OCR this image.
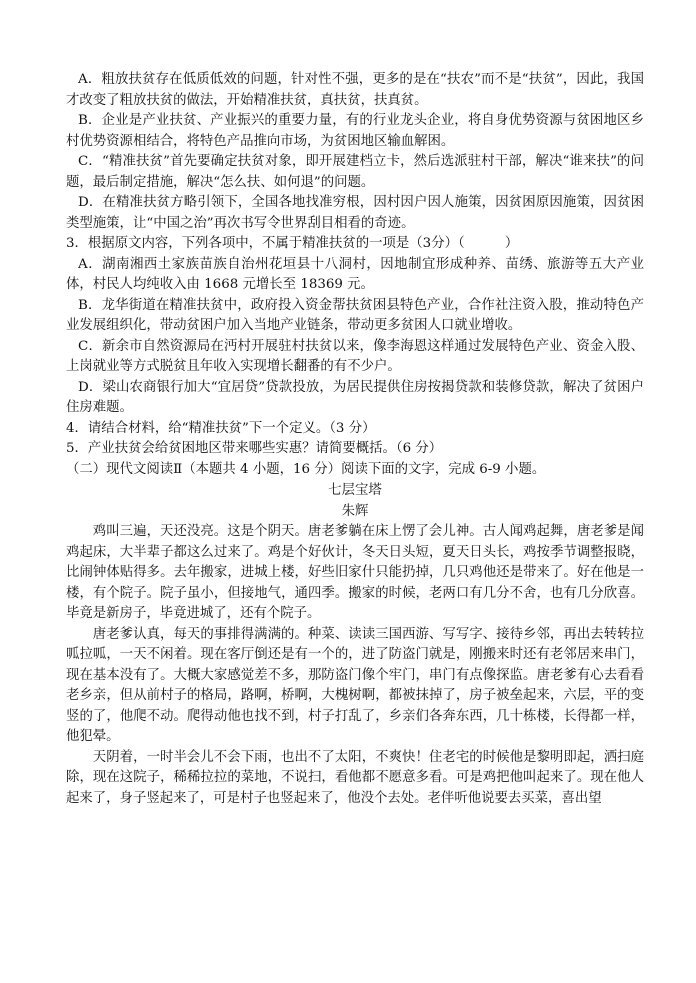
A．粗放扶贫存在低质低效的问题，针对性不强，更多的是在“扶农”而不是“扶贫”，因此，我国才改变了粗放扶贫的做法，开始精准扶贫，真扶贫，扶真贫。

B．企业是产业扶贫、产业振兴的重要力量，有的行业龙头企业，将自身优势资源与贫困地区乡村优势资源相结合，将特色产品推向市场，为贫困地区输血解困。

C．“精准扶贫”首先要确定扶贫对象，即开展建档立卡，然后选派驻村干部，解决“谁来扶”的问题，最后制定措施，解决“怎么扶、如何退”的问题。

D．在精准扶贫方略引领下，全国各地找准穷根，因村因户因人施策，因贫困原因施策，因贫困类型施策，让“中国之治”再次书写令世界刮目相看的奇迹。

3．根据原文内容，下列各项中，不属于精准扶贫的一项是（3分）（　　　）

A．湖南湘西土家族苗族自治州花垣县十八洞村，因地制宜形成种养、苗绣、旅游等五大产业体，村民人均纯收入由 1668 元增长至 18369 元。

B．龙华街道在精准扶贫中，政府投入资金帮扶贫困县特色产业，合作社注资入股，推动特色产业发展组织化，带动贫困户加入当地产业链条，带动更多贫困人口就业增收。

C．新余市自然资源局在沔村开展驻村扶贫以来，像李海恩这样通过发展特色产业、资金入股、上岗就业等方式脱贫且年收入实现增长翻番的有不少户。

D．梁山农商银行加大“宜居贷”贷款投放，为居民提供住房按揭贷款和装修贷款，解决了贫困户住房难题。

4．请结合材料，给“精准扶贫”下一个定义。（3 分）

5．产业扶贫会给贫困地区带来哪些实惠？请简要概括。（6 分）

（二）现代文阅读Ⅱ（本题共 4 小题，16 分）阅读下面的文字，完成 6-9 小题。

七层宝塔

朱辉

鸡叫三遍，天还没亮。这是个阴天。唐老爹躺在床上愣了会儿神。古人闻鸡起舞，唐老爹是闻鸡起床，大半辈子都这么过来了。鸡是个好伙计，冬天日头短，夏天日头长，鸡按季节调整报晓，比闹钟体贴得多。去年搬家，进城上楼，好些旧家什只能扔掉，几只鸡他还是带来了。好在他是一楼，有个院子。院子虽小，但接地气，通四季。搬家的时候，老两口有几分不舍，也有几分欣喜。毕竟是新房子，毕竟进城了，还有个院子。

唐老爹认真，每天的事排得满满的。种菜、读读三国西游、写写字、接待乡邻，再出去转转拉呱拉呱，一天不闲着。现在客厅倒还是有一个的，进了防盗门就是，刚搬来时还有老邻居来串门，现在基本没有了。大概大家感觉差不多，那防盗门像个牢门，串门有点像探监。唐老爹有心去看看老乡亲，但从前村子的格局，路啊，桥啊，大槐树啊，都被抹掉了，房子被垒起来，六层，平的变竖的了，他爬不动。爬得动他也找不到，村子打乱了，乡亲们各奔东西，几十栋楼，长得都一样，他犯晕。

天阴着，一时半会儿不会下雨，也出不了太阳，不爽快！住老宅的时候他是黎明即起，洒扫庭除，现在这院子，稀稀拉拉的菜地，不说扫，看他都不愿意多看。可是鸡把他叫起来了。现在他人起来了，身子竖起来了，可是村子也竖起来了，他没个去处。老伴听他说要去买菜，喜出望
